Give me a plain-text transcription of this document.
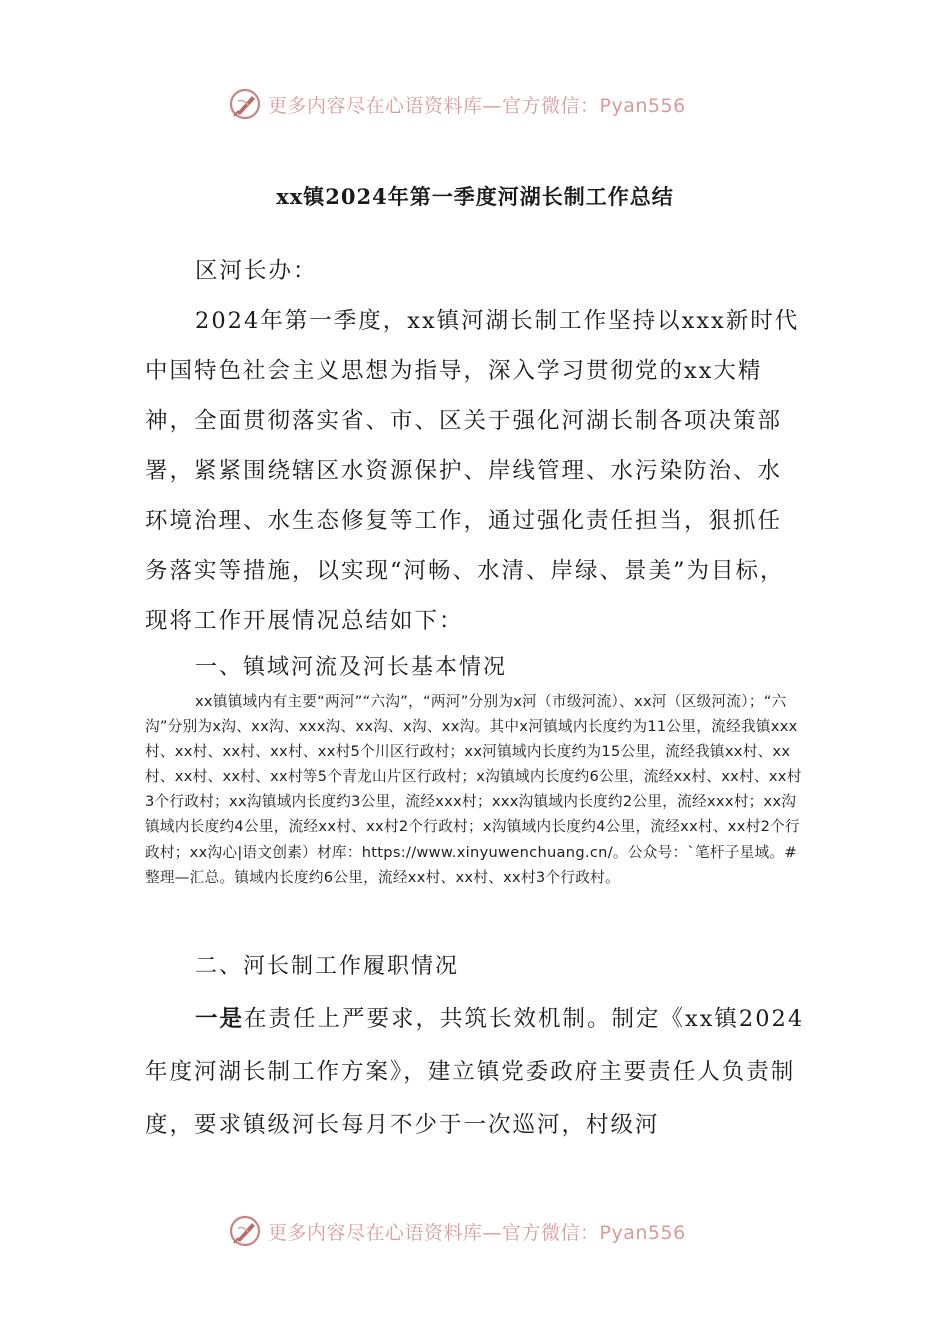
更多内容尽在心语资料库—官方微信：Pyan556
xx镇2024年第一季度河湖长制工作总结

区河长办：

2024年第一季度，xx镇河湖长制工作坚持以xxx新时代中国特色社会主义思想为指导，深入学习贯彻党的xx大精神，全面贯彻落实省、市、区关于强化河湖长制各项决策部署，紧紧围绕辖区水资源保护、岸线管理、水污染防治、水环境治理、水生态修复等工作，通过强化责任担当，狠抓任务落实等措施，以实现“河畅、水清、岸绿、景美”为目标，现将工作开展情况总结如下：

一、镇域河流及河长基本情况

xx镇镇域内有主要“两河”“六沟”，“两河”分别为x河（市级河流）、xx河（区级河流）；“六沟”分别为x沟、xx沟、xxx沟、xx沟、x沟、xx沟。其中x河镇域内长度约为11公里，流经我镇xxx村、xx村、xx村、xx村、xx村5个川区行政村；xx河镇域内长度约为15公里，流经我镇xx村、xx村、xx村、xx村、xx村等5个青龙山片区行政村；x沟镇域内长度约6公里，流经xx村、xx村、xx村3个行政村；xx沟镇域内长度约3公里，流经xxx村；xxx沟镇域内长度约2公里，流经xxx村；xx沟镇域内长度约4公里，流经xx村、xx村2个行政村；x沟镇域内长度约4公里，流经xx村、xx村2个行政村；xx沟心|语文创素）材库：https://www.xinyuwenchuang.cn/。公众号：`笔杆子星域。#整理—汇总。镇域内长度约6公里，流经xx村、xx村、xx村3个行政村。

二、河长制工作履职情况

一是在责任上严要求，共筑长效机制。制定《xx镇2024年度河湖长制工作方案》，建立镇党委政府主要责任人负责制度，要求镇级河长每月不少于一次巡河，村级河

更多内容尽在心语资料库—官方微信：Pyan556
